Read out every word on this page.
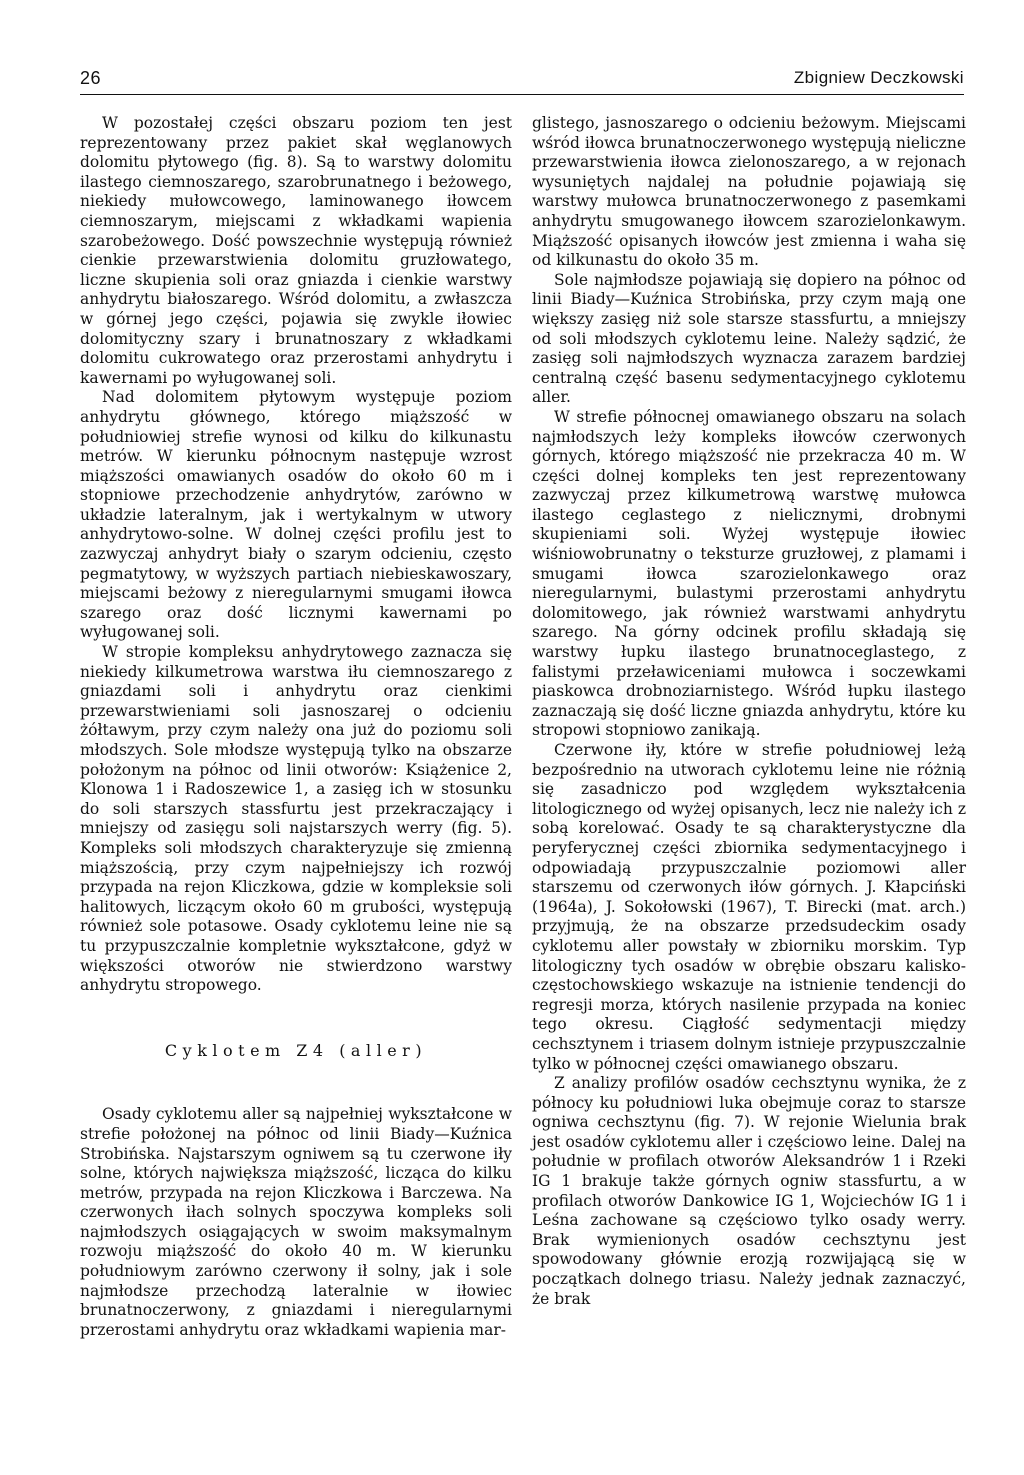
26	Zbigniew Deczkowski

W pozostałej części obszaru poziom ten jest reprezentowany przez pakiet skał węglanowych dolomitu płytowego (fig. 8). Są to warstwy dolomitu ilastego ciemnoszarego, szarobrunatnego i beżowego, niekiedy mułowcowego, laminowanego iłowcem ciemnoszarym, miejscami z wkładkami wapienia szarobeżowego. Dość powszechnie występują również cienkie przewarstwienia dolomitu gruzłowatego, liczne skupienia soli oraz gniazda i cienkie warstwy anhydrytu białoszarego. Wśród dolomitu, a zwłaszcza w górnej jego części, pojawia się zwykle iłowiec dolomityczny szary i brunatnoszary z wkładkami dolomitu cukrowatego oraz przerostami anhydrytu i kawernami po wyługowanej soli.

Nad dolomitem płytowym występuje poziom anhydrytu głównego, którego miąższość w południowiej strefie wynosi od kilku do kilkunastu metrów. W kierunku północnym następuje wzrost miąższości omawianych osadów do około 60 m i stopniowe przechodzenie anhydrytów, zarówno w układzie lateralnym, jak i wertykalnym w utwory anhydrytowo-solne. W dolnej części profilu jest to zazwyczaj anhydryt biały o szarym odcieniu, często pegmatytowy, w wyższych partiach niebieskawoszary, miejscami beżowy z nieregularnymi smugami iłowca szarego oraz dość licznymi kawernami po wyługowanej soli.

W stropie kompleksu anhydrytowego zaznacza się niekiedy kilkumetrowa warstwa iłu ciemnoszarego z gniazdami soli i anhydrytu oraz cienkimi przewarstwieniami soli jasnoszarej o odcieniu żółtawym, przy czym należy ona już do poziomu soli młodszych. Sole młodsze występują tylko na obszarze położonym na północ od linii otworów: Książenice 2, Klonowa 1 i Radoszewice 1, a zasięg ich w stosunku do soli starszych stassfurtu jest przekraczający i mniejszy od zasięgu soli najstarszych werry (fig. 5). Kompleks soli młodszych charakteryzuje się zmienną miąższością, przy czym najpełniejszy ich rozwój przypada na rejon Kliczkowa, gdzie w kompleksie soli halitowych, liczącym około 60 m grubości, występują również sole potasowe. Osady cyklotemu leine nie są tu przypuszczalnie kompletnie wykształcone, gdyż w większości otworów nie stwierdzono warstwy anhydrytu stropowego.

Cyklotem Z4 (aller)

Osady cyklotemu aller są najpełniej wykształcone w strefie położonej na północ od linii Biady—Kuźnica Strobińska. Najstarszym ogniwem są tu czerwone iły solne, których największa miąższość, licząca do kilku metrów, przypada na rejon Kliczkowa i Barczewa. Na czerwonych iłach solnych spoczywa kompleks soli najmłodszych osiągających w swoim maksymalnym rozwoju miąższość do około 40 m. W kierunku południowym zarówno czerwony ił solny, jak i sole najmłodsze przechodzą lateralnie w iłowiec brunatnoczerwony, z gniazdami i nieregularnymi przerostami anhydrytu oraz wkładkami wapienia mar-

glistego, jasnoszarego o odcieniu beżowym. Miejscami wśród iłowca brunatnoczerwonego występują nieliczne przewarstwienia iłowca zielonoszarego, a w rejonach wysuniętych najdalej na południe pojawiają się warstwy mułowca brunatnoczerwonego z pasemkami anhydrytu smugowanego iłowcem szarozielonkawym. Miąższość opisanych iłowców jest zmienna i waha się od kilkunastu do około 35 m.

Sole najmłodsze pojawiają się dopiero na północ od linii Biady—Kuźnica Strobińska, przy czym mają one większy zasięg niż sole starsze stassfurtu, a mniejszy od soli młodszych cyklotemu leine. Należy sądzić, że zasięg soli najmłodszych wyznacza zarazem bardziej centralną część basenu sedymentacyjnego cyklotemu aller.

W strefie północnej omawianego obszaru na solach najmłodszych leży kompleks iłowców czerwonych górnych, którego miąższość nie przekracza 40 m. W części dolnej kompleks ten jest reprezentowany zazwyczaj przez kilkumetrową warstwę mułowca ilastego ceglastego z nielicznymi, drobnymi skupieniami soli. Wyżej występuje iłowiec wiśniowobrunatny o teksturze gruzłowej, z plamami i smugami iłowca szarozielonkawego oraz nieregularnymi, bulastymi przerostami anhydrytu dolomitowego, jak również warstwami anhydrytu szarego. Na górny odcinek profilu składają się warstwy łupku ilastego brunatnoceglastego, z falistymi przeławiceniami mułowca i soczewkami piaskowca drobnoziarnistego. Wśród łupku ilastego zaznaczają się dość liczne gniazda anhydrytu, które ku stropowi stopniowo zanikają.

Czerwone iły, które w strefie południowej leżą bezpośrednio na utworach cyklotemu leine nie różnią się zasadniczo pod względem wykształcenia litologicznego od wyżej opisanych, lecz nie należy ich z sobą korelować. Osady te są charakterystyczne dla peryferycznej części zbiornika sedymentacyjnego i odpowiadają przypuszczalnie poziomowi aller starszemu od czerwonych iłów górnych. J. Kłapciński (1964a), J. Sokołowski (1967), T. Birecki (mat. arch.) przyjmują, że na obszarze przedsudeckim osady cyklotemu aller powstały w zbiorniku morskim. Typ litologiczny tych osadów w obrębie obszaru kalisko-częstochowskiego wskazuje na istnienie tendencji do regresji morza, których nasilenie przypada na koniec tego okresu. Ciągłość sedymentacji między cechsztynem i triasem dolnym istnieje przypuszczalnie tylko w północnej części omawianego obszaru.

Z analizy profilów osadów cechsztynu wynika, że z północy ku południowi luka obejmuje coraz to starsze ogniwa cechsztynu (fig. 7). W rejonie Wielunia brak jest osadów cyklotemu aller i częściowo leine. Dalej na południe w profilach otworów Aleksandrów 1 i Rzeki IG 1 brakuje także górnych ogniw stassfurtu, a w profilach otworów Dankowice IG 1, Wojciechów IG 1 i Leśna zachowane są częściowo tylko osady werry. Brak wymienionych osadów cechsztynu jest spowodowany głównie erozją rozwijającą się w początkach dolnego triasu. Należy jednak zaznaczyć, że brak
